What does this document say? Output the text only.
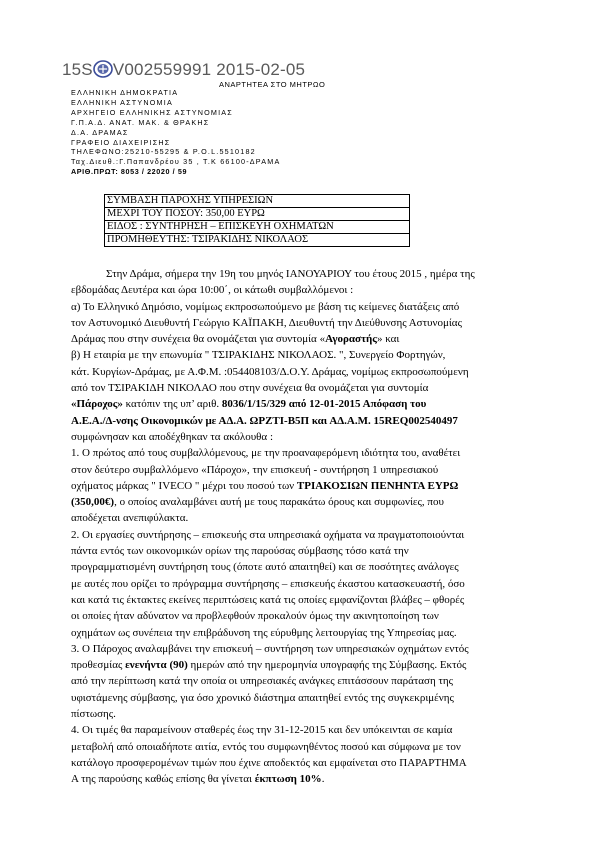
15S V002559991 2015-02-05
ΑΝΑΡΤΗΤΕΑ ΣΤΟ ΜΗΤΡΩΟ
ΕΛΛΗΝΙΚΗ ΔΗΜΟΚΡΑΤΙΑ
ΕΛΛΗΝΙΚΗ ΑΣΤΥΝΟΜΙΑ
ΑΡΧΗΓΕΙΟ ΕΛΛΗΝΙΚΗΣ ΑΣΤΥΝΟΜΙΑΣ
Γ.Π.Α.Δ. ΑΝΑΤ. ΜΑΚ. & ΘΡΑΚΗΣ
Δ.Α. ΔΡΑΜΑΣ
ΓΡΑΦΕΙΟ ΔΙΑΧΕΙΡΙΣΗΣ
ΤΗΛΕΦΩΝΟ:25210-55295 & Ρ.Ο.L.5510182
Ταχ.Διευθ.:Γ.Παπανδρέου 35 , Τ.Κ 66100-ΔΡΑΜΑ
ΑΡΙΘ.ΠΡΩΤ: 8053 / 22020 / 59
ΣΥΜΒΑΣΗ ΠΑΡΟΧΗΣ ΥΠΗΡΕΣΙΩΝ
ΜΕΧΡΙ ΤΟΥ ΠΟΣΟΥ: 350,00 ΕΥΡΩ
ΕΙΔΟΣ : ΣΥΝΤΗΡΗΣΗ – ΕΠΙΣΚΕΥΗ ΟΧΗΜΑΤΩΝ
ΠΡΟΜΗΘΕΥΤΗΣ: ΤΣΙΡΑΚΙΔΗΣ ΝΙΚΟΛΑΟΣ

Στην Δράμα, σήμερα την 19η του μηνός ΙΑΝΟΥΑΡΙΟΥ του έτους 2015 , ημέρα της

εβδομάδας Δευτέρα και ώρα 10:00΄, οι κάτωθι συμβαλλόμενοι :

α) Το Ελληνικό Δημόσιο, νομίμως εκπροσωπούμενο με βάση τις κείμενες διατάξεις από

τον Αστυνομικό Διευθυντή Γεώργιο ΚΑΪΠΑΚΗ, Διευθυντή την Διεύθυνσης Αστυνομίας

Δράμας που στην συνέχεια θα ονομάζεται για συντομία «Αγοραστής» και

β) Η εταιρία με την επωνυμία " ΤΣΙΡΑΚΙΔΗΣ ΝΙΚΟΛΑΟΣ. ", Συνεργείο Φορτηγών,

κάτ. Κυργίων-Δράμας, με Α.Φ.Μ. :054408103/Δ.Ο.Υ. Δράμας, νομίμως εκπροσωπούμενη

από τον ΤΣΙΡΑΚΙΔΗ ΝΙΚΟΛΑΟ που στην συνέχεια θα ονομάζεται για συντομία

«Πάροχος» κατόπιν της υπ’ αριθ. 8036/1/15/329 από 12-01-2015 Απόφαση του

Α.Ε.Α./Δ-νσης Οικονομικών με ΑΔ.Α. ΩΡΖΤΙ-Β5Π και ΑΔ.Α.Μ. 15REQ002540497

συμφώνησαν και αποδέχθηκαν τα ακόλουθα :

1. Ο πρώτος από τους συμβαλλόμενους, με την προαναφερόμενη ιδιότητα του, αναθέτει

στον δεύτερο συμβαλλόμενο «Πάροχο», την επισκευή - συντήρηση 1 υπηρεσιακού

οχήματος μάρκας " IVECO " μέχρι του ποσού των ΤΡΙΑΚΟΣΙΩΝ ΠΕΝΗΝΤΑ ΕΥΡΩ

(350,00€), ο οποίος αναλαμβάνει αυτή με τους παρακάτω όρους και συμφωνίες, που

αποδέχεται ανεπιφύλακτα.

2. Οι εργασίες συντήρησης – επισκευής στα υπηρεσιακά οχήματα να πραγματοποιούνται

πάντα εντός των οικονομικών ορίων της παρούσας σύμβασης τόσο κατά την

προγραμματισμένη συντήρηση τους (όποτε αυτό απαιτηθεί) και σε ποσότητες ανάλογες

με αυτές που ορίζει το πρόγραμμα συντήρησης – επισκευής έκαστου κατασκευαστή, όσο

και κατά τις έκτακτες εκείνες περιπτώσεις κατά τις οποίες εμφανίζονται βλάβες – φθορές

οι οποίες ήταν αδύνατον να προβλεφθούν προκαλούν όμως την ακινητοποίηση των

οχημάτων ως συνέπεια την επιβράδυνση της εύρυθμης λειτουργίας της Υπηρεσίας μας.

3. Ο Πάροχος αναλαμβάνει την επισκευή – συντήρηση των υπηρεσιακών οχημάτων εντός

προθεσμίας ενενήντα (90) ημερών από την ημερομηνία υπογραφής της Σύμβασης. Εκτός

από την περίπτωση κατά την οποία οι υπηρεσιακές ανάγκες επιτάσσουν παράταση της

υφιστάμενης σύμβασης, για όσο χρονικό διάστημα απαιτηθεί εντός της συγκεκριμένης

πίστωσης.

4. Οι τιμές θα παραμείνουν σταθερές έως την 31-12-2015 και δεν υπόκεινται σε καμία

μεταβολή από οποιαδήποτε αιτία, εντός του συμφωνηθέντος ποσού και σύμφωνα με τον

κατάλογο προσφερομένων τιμών που έχινε αποδεκτός και εμφαίνεται στο ΠΑΡΑΡΤΗΜΑ

Α της παρούσης καθώς επίσης θα γίνεται έκπτωση 10%.
